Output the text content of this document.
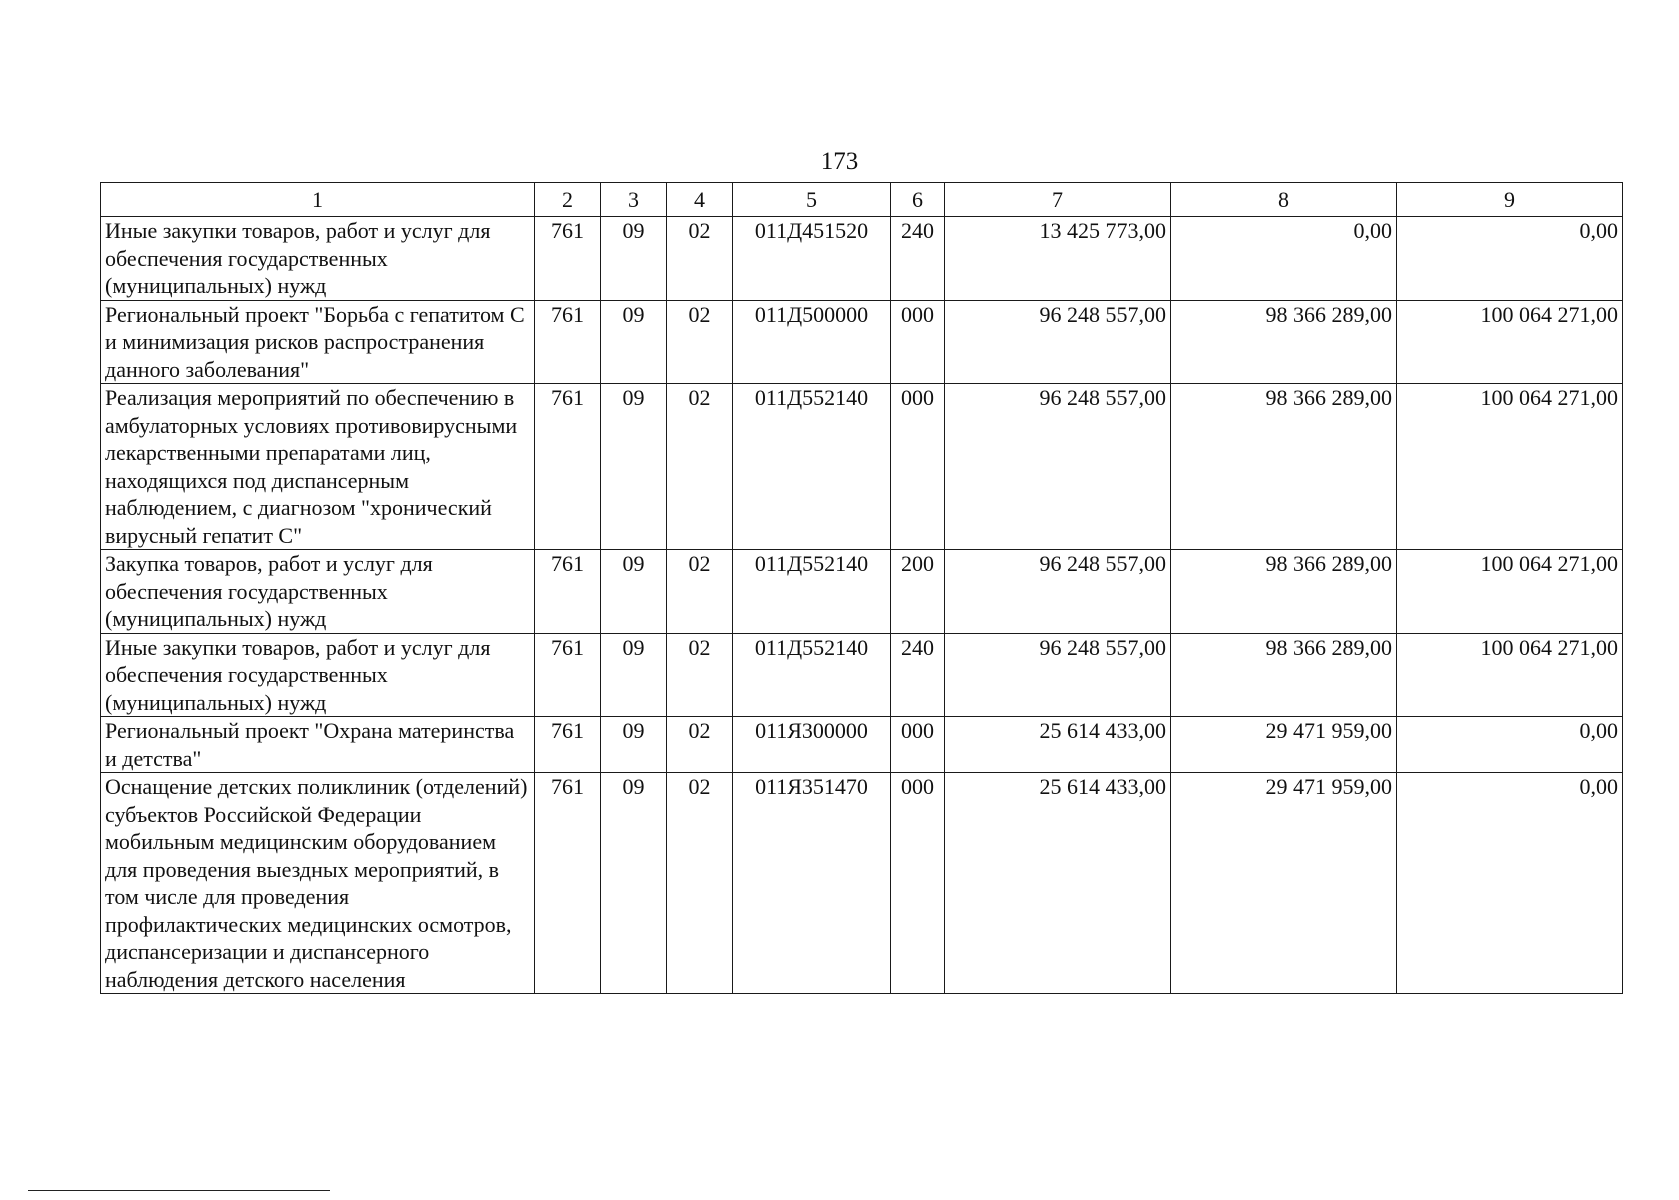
173
1	2	3	4	5	6	7	8	9
Иные закупки товаров, работ и услуг для обеспечения государственных (муниципальных) нужд	761	09	02	011Д451520	240	13 425 773,00	0,00	0,00
Региональный проект "Борьба с гепатитом С и минимизация рисков распространения данного заболевания"	761	09	02	011Д500000	000	96 248 557,00	98 366 289,00	100 064 271,00
Реализация мероприятий по обеспечению в амбулаторных условиях противовирусными лекарственными препаратами лиц, находящихся под диспансерным наблюдением, с диагнозом "хронический вирусный гепатит С"	761	09	02	011Д552140	000	96 248 557,00	98 366 289,00	100 064 271,00
Закупка товаров, работ и услуг для обеспечения государственных (муниципальных) нужд	761	09	02	011Д552140	200	96 248 557,00	98 366 289,00	100 064 271,00
Иные закупки товаров, работ и услуг для обеспечения государственных (муниципальных) нужд	761	09	02	011Д552140	240	96 248 557,00	98 366 289,00	100 064 271,00
Региональный проект "Охрана материнства и детства"	761	09	02	011Я300000	000	25 614 433,00	29 471 959,00	0,00
Оснащение детских поликлиник (отделений) субъектов Российской Федерации мобильным медицинским оборудованием для проведения выездных мероприятий, в том числе для проведения профилактических медицинских осмотров, диспансеризации и диспансерного наблюдения детского населения	761	09	02	011Я351470	000	25 614 433,00	29 471 959,00	0,00
